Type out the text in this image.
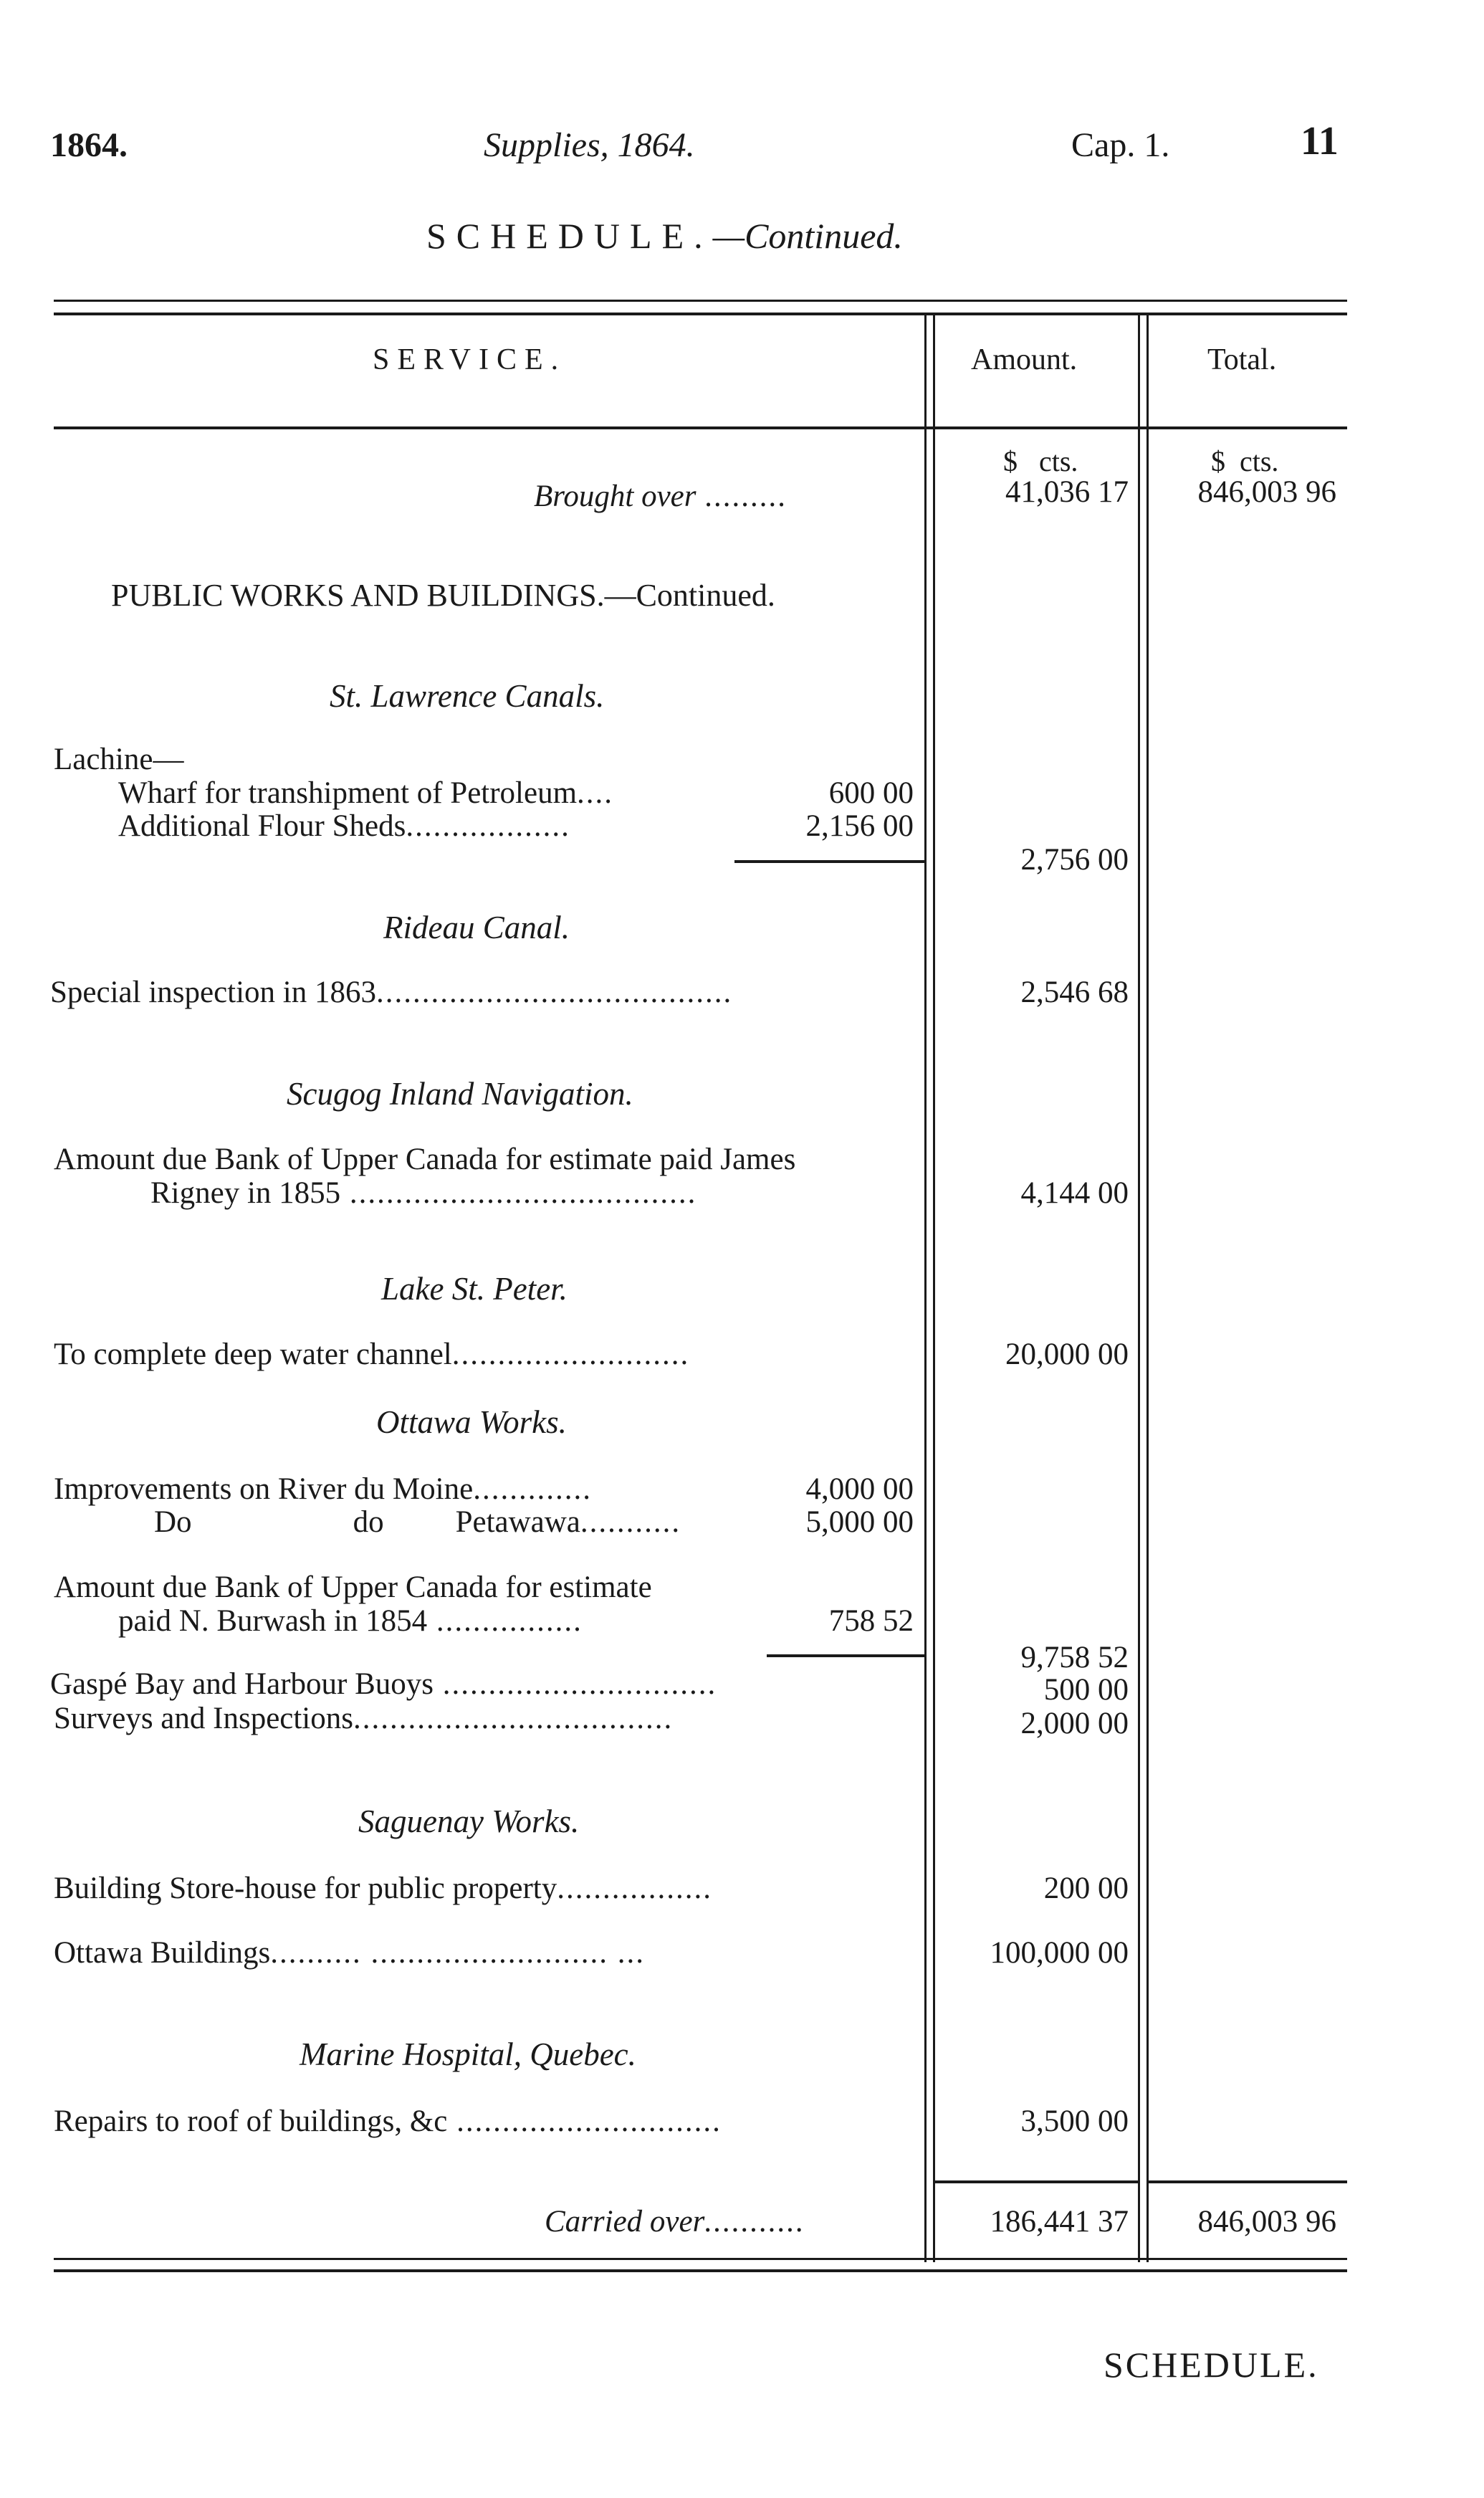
1864.	Supplies, 1864.	Cap. 1.	11
SCHEDULE.—Continued.
SERVICE.	Amount.	Total.
$ cts.	$ cts.
Brought over .........	41,036 17	846,003 96
PUBLIC WORKS AND BUILDINGS.—Continued.
St. Lawrence Canals.
Lachine—
Wharf for transhipment of Petroleum....	600 00
Additional Flour Sheds..................	2,156 00
2,756 00
Rideau Canal.
Special inspection in 1863.......................................	2,546 68
Scugog Inland Navigation.
Amount due Bank of Upper Canada for estimate paid James
Rigney in 1855 ......................................	4,144 00
Lake St. Peter.
To complete deep water channel..........................	20,000 00
Ottawa Works.
Improvements on River du Moine.............	4,000 00
Do	do Petawawa...........	5,000 00
Amount due Bank of Upper Canada for estimate
paid N. Burwash in 1854 ................	758 52
9,758 52
Gaspé Bay and Harbour Buoys ..............................	500 00
Surveys and Inspections...................................	2,000 00
Saguenay Works.
Building Store-house for public property.................	200 00
Ottawa Buildings.......... .......................... ...	100,000 00
Marine Hospital, Quebec.
Repairs to roof of buildings, &c .............................	3,500 00
Carried over...........	186,441 37	846,003 96
SCHEDULE.
